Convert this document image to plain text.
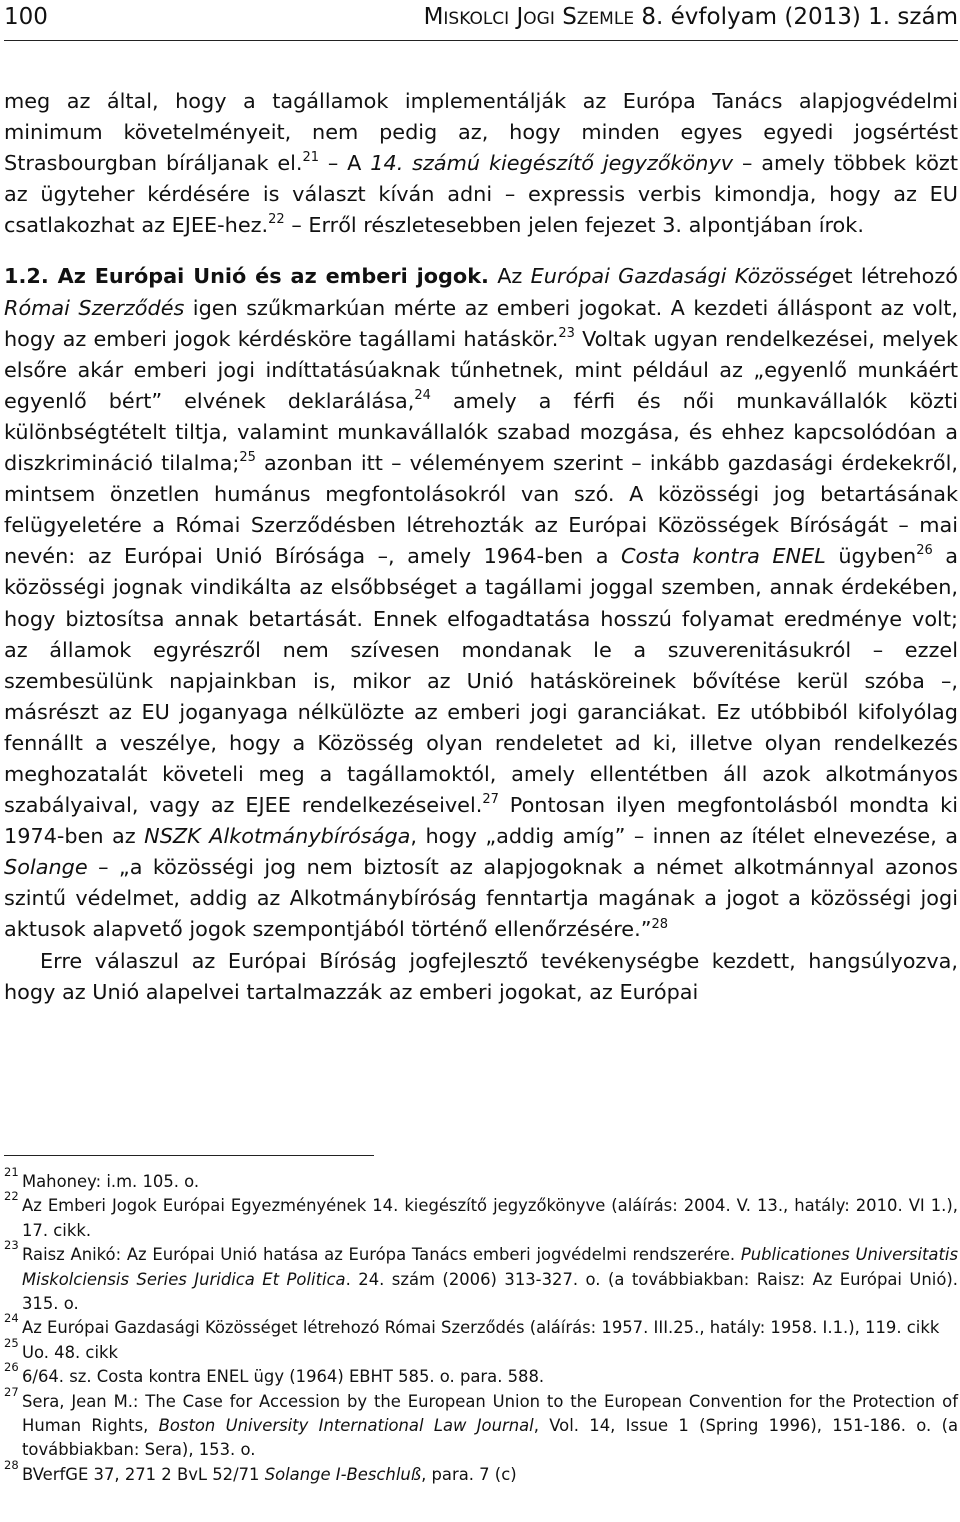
100	MISKOLCI JOGI SZEMLE 8. évfolyam (2013) 1. szám

meg az által, hogy a tagállamok implementálják az Európa Tanács alapjogvédelmi minimum követelményeit, nem pedig az, hogy minden egyes egyedi jogsértést Strasbourgban bíráljanak el.$^{21}$ – A 14. számú kiegészítő jegyzőkönyv – amely többek közt az ügyteher kérdésére is választ kíván adni – expressis verbis kimondja, hogy az EU csatlakozhat az EJEE-hez.$^{22}$ – Erről részletesebben jelen fejezet 3. alpontjában írok.

1.2. Az Európai Unió és az emberi jogok. Az Európai Gazdasági Közösséget létrehozó Római Szerződés igen szűkmarkúan mérte az emberi jogokat. A kezdeti álláspont az volt, hogy az emberi jogok kérdésköre tagállami hatáskör.$^{23}$ Voltak ugyan rendelkezései, melyek elsőre akár emberi jogi indíttatásúaknak tűnhetnek, mint például az „egyenlő munkáért egyenlő bért” elvének deklarálása,$^{24}$ amely a férfi és női munkavállalók közti különbségtételt tiltja, valamint munkavállalók szabad mozgása, és ehhez kapcsolódóan a diszkrimináció tilalma;$^{25}$ azonban itt – véleményem szerint – inkább gazdasági érdekekről, mintsem önzetlen humánus megfontolásokról van szó. A közösségi jog betartásának felügyeletére a Római Szerződésben létrehozták az Európai Közösségek Bíróságát – mai nevén: az Európai Unió Bírósága –, amely 1964-ben a Costa kontra ENEL ügyben$^{26}$ a közösségi jognak vindikálta az elsőbbséget a tagállami joggal szemben, annak érdekében, hogy biztosítsa annak betartását. Ennek elfogadtatása hosszú folyamat eredménye volt; az államok egyrészről nem szívesen mondanak le a szuverenitásukról – ezzel szembesülünk napjainkban is, mikor az Unió hatásköreinek bővítése kerül szóba –, másrészt az EU joganyaga nélkülözte az emberi jogi garanciákat. Ez utóbbiból kifolyólag fennállt a veszélye, hogy a Közösség olyan rendeletet ad ki, illetve olyan rendelkezés meghozatalát követeli meg a tagállamoktól, amely ellentétben áll azok alkotmányos szabályaival, vagy az EJEE rendelkezéseivel.$^{27}$ Pontosan ilyen megfontolásból mondta ki 1974-ben az NSZK Alkotmánybírósága, hogy „addig amíg” – innen az ítélet elnevezése, a Solange – „a közösségi jog nem biztosít az alapjogoknak a német alkotmánnyal azonos szintű védelmet, addig az Alkotmánybíróság fenntartja magának a jogot a közösségi jogi aktusok alapvető jogok szempontjából történő ellenőrzésére.”$^{28}$

Erre válaszul az Európai Bíróság jogfejlesztő tevékenységbe kezdett, hangsúlyozva, hogy az Unió alapelvei tartalmazzák az emberi jogokat, az Európai

21 Mahoney: i.m. 105. o.

22 Az Emberi Jogok Európai Egyezményének 14. kiegészítő jegyzőkönyve (aláírás: 2004. V. 13., hatály: 2010. VI 1.), 17. cikk.

23 Raisz Anikó: Az Európai Unió hatása az Európa Tanács emberi jogvédelmi rendszerére. Publicationes Universitatis Miskolciensis Series Juridica Et Politica. 24. szám (2006) 313-327. o. (a továbbiakban: Raisz: Az Európai Unió). 315. o.

24 Az Európai Gazdasági Közösséget létrehozó Római Szerződés (aláírás: 1957. III.25., hatály: 1958. I.1.), 119. cikk

25 Uo. 48. cikk

26 6/64. sz. Costa kontra ENEL ügy (1964) EBHT 585. o. para. 588.

27 Sera, Jean M.: The Case for Accession by the European Union to the European Convention for the Protection of Human Rights, Boston University International Law Journal, Vol. 14, Issue 1 (Spring 1996), 151-186. o. (a továbbiakban: Sera), 153. o.

28 BVerfGE 37, 271 2 BvL 52/71 Solange I-Beschluß, para. 7 (c)
